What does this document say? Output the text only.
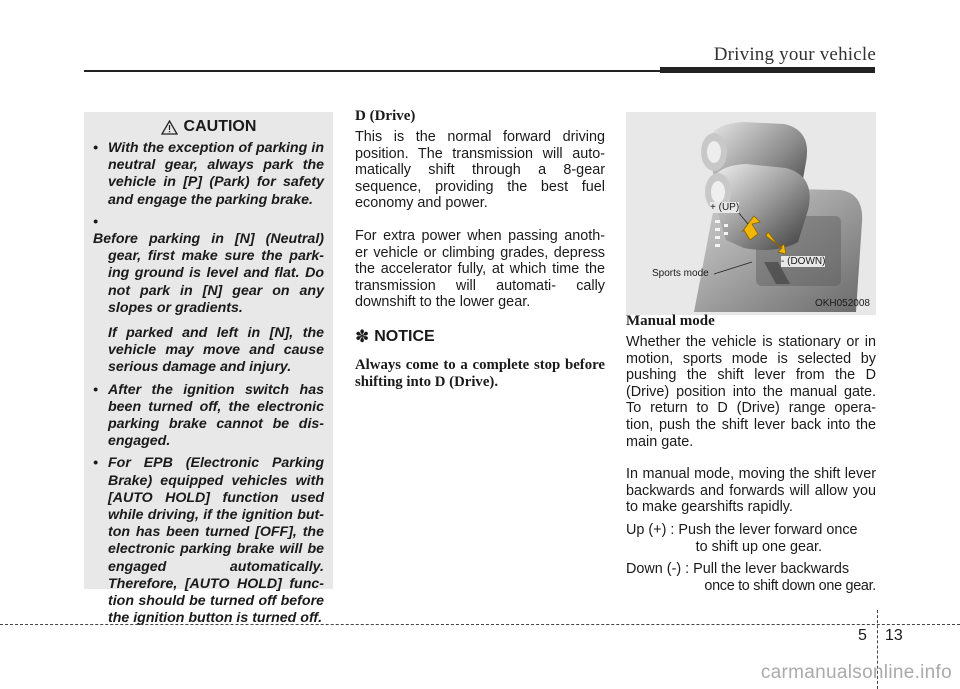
Driving your vehicle
CAUTION
• With the exception of parking in neutral gear, always park the vehicle in [P] (Park) for safety and engage the parking brake.

• Before parking in [N] (Neutral) gear, first make sure the park- ing ground is level and flat. Do not park in [N] gear on any slopes or gradients.

If parked and left in [N], the vehicle may move and cause serious damage and injury.

• After the ignition switch has been turned off, the electronic parking brake cannot be dis- engaged.
• For EPB (Electronic Parking Brake) equipped vehicles with [AUTO HOLD] function used while driving, if the ignition but- ton has been turned [OFF], the electronic parking brake will be engaged automatically. Therefore, [AUTO HOLD] func- tion should be turned off before the ignition button is turned off.

D (Drive)

This is the normal forward driving position. The transmission will auto- matically shift through a 8-gear sequence, providing the best fuel economy and power.

For extra power when passing anoth- er vehicle or climbing grades, depress the accelerator fully, at which time the transmission will automati- cally downshift to the lower gear.

✽ NOTICE

Always come to a complete stop before shifting into D (Drive).

+ (UP)
- (DOWN)
Sports mode
OKH052008

Manual mode

Whether the vehicle is stationary or in motion, sports mode is selected by pushing the shift lever from the D (Drive) position into the manual gate. To return to D (Drive) range opera- tion, push the shift lever back into the main gate.

In manual mode, moving the shift lever backwards and forwards will allow you to make gearshifts rapidly.

Up (+) : Push the lever forward once
to shift up one gear.

Down (-) : Pull the lever backwards
once to shift down one gear.

5 13
carmanualsonline.info
